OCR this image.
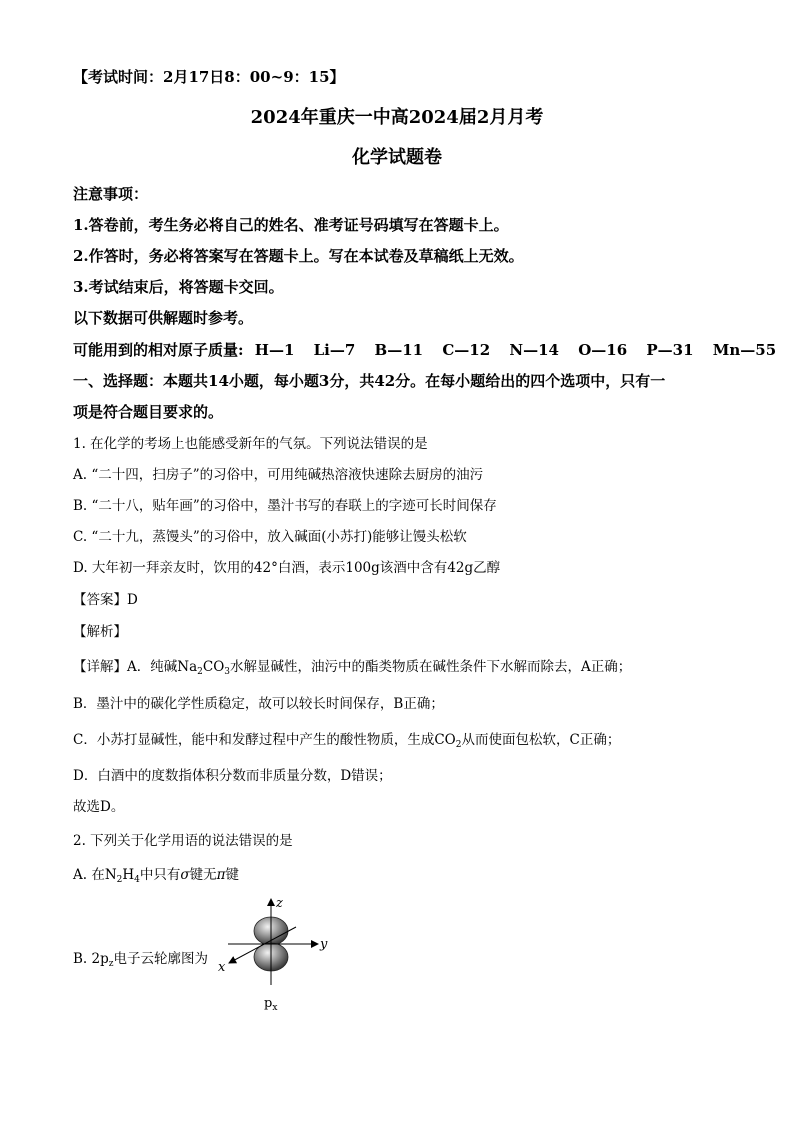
【考试时间：2月17日8：00~9：15】
2024年重庆一中高2024届2月月考
化学试题卷
注意事项：
1.答卷前，考生务必将自己的姓名、准考证号码填写在答题卡上。
2.作答时，务必将答案写在答题卡上。写在本试卷及草稿纸上无效。
3.考试结束后，将答题卡交回。
以下数据可供解题时参考。
可能用到的相对原子质量: H—1 Li—7 B—11 C—12 N—14 O—16 P—31 Mn—55
一、选择题：本题共14小题，每小题3分，共42分。在每小题给出的四个选项中，只有一
项是符合题目要求的。
1. 在化学的考场上也能感受新年的气氛。下列说法错误的是
A. “二十四，扫房子”的习俗中，可用纯碱热溶液快速除去厨房的油污
B. “二十八，贴年画”的习俗中，墨汁书写的春联上的字迹可长时间保存
C. “二十九，蒸馒头”的习俗中，放入碱面(小苏打)能够让馒头松软
D. 大年初一拜亲友时，饮用的42°白酒，表示100g该酒中含有42g乙醇
【答案】D
【解析】
【详解】A．纯碱$Na_2CO_3$水解显碱性，油污中的酯类物质在碱性条件下水解而除去，A正确；
B．墨汁中的碳化学性质稳定，故可以较长时间保存，B正确；
C．小苏打显碱性，能中和发酵过程中产生的酸性物质，生成$CO_2$从而使面包松软，C正确；
D．白酒中的度数指体积分数而非质量分数，D错误；
故选D。
2. 下列关于化学用语的说法错误的是
A. 在$N_2H_4$中只有σ键无π键
B. $2p_z$电子云轮廓图为
z
y
x
$p_x$
